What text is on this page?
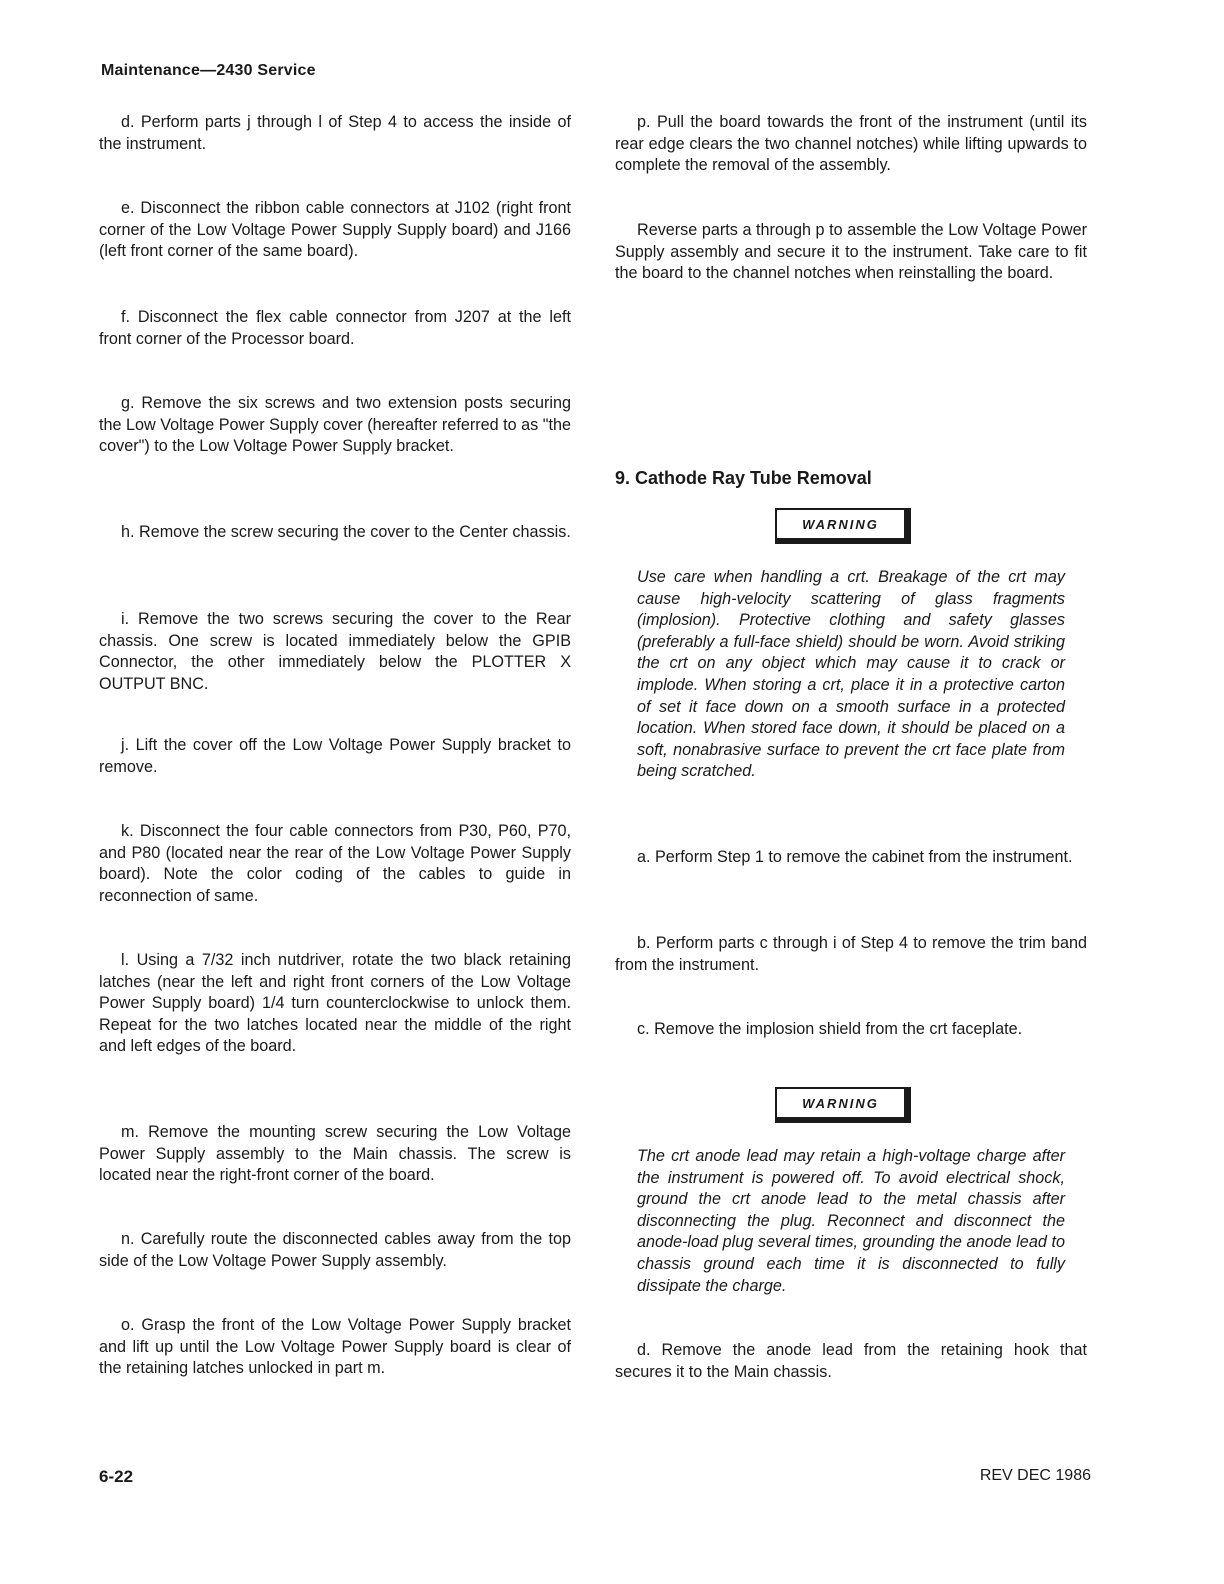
Maintenance—2430 Service

d. Perform parts j through l of Step 4 to access the inside of the instrument.

e. Disconnect the ribbon cable connectors at J102 (right front corner of the Low Voltage Power Supply Supply board) and J166 (left front corner of the same board).

f. Disconnect the flex cable connector from J207 at the left front corner of the Processor board.

g. Remove the six screws and two extension posts securing the Low Voltage Power Supply cover (hereafter referred to as "the cover") to the Low Voltage Power Supply bracket.

h. Remove the screw securing the cover to the Center chassis.

i. Remove the two screws securing the cover to the Rear chassis. One screw is located immediately below the GPIB Connector, the other immediately below the PLOTTER X OUTPUT BNC.

j. Lift the cover off the Low Voltage Power Supply bracket to remove.

k. Disconnect the four cable connectors from P30, P60, P70, and P80 (located near the rear of the Low Voltage Power Supply board). Note the color coding of the cables to guide in reconnection of same.

l. Using a 7/32 inch nutdriver, rotate the two black retaining latches (near the left and right front corners of the Low Voltage Power Supply board) 1/4 turn counterclockwise to unlock them. Repeat for the two latches located near the middle of the right and left edges of the board.

m. Remove the mounting screw securing the Low Voltage Power Supply assembly to the Main chassis. The screw is located near the right-front corner of the board.

n. Carefully route the disconnected cables away from the top side of the Low Voltage Power Supply assembly.

o. Grasp the front of the Low Voltage Power Supply bracket and lift up until the Low Voltage Power Supply board is clear of the retaining latches unlocked in part m.

p. Pull the board towards the front of the instrument (until its rear edge clears the two channel notches) while lifting upwards to complete the removal of the assembly.

Reverse parts a through p to assemble the Low Voltage Power Supply assembly and secure it to the instrument. Take care to fit the board to the channel notches when reinstalling the board.

9. Cathode Ray Tube Removal
WARNING

Use care when handling a crt. Breakage of the crt may cause high-velocity scattering of glass fragments (implosion). Protective clothing and safety glasses (preferably a full-face shield) should be worn. Avoid striking the crt on any object which may cause it to crack or implode. When storing a crt, place it in a protective carton of set it face down on a smooth surface in a protected location. When stored face down, it should be placed on a soft, nonabrasive surface to prevent the crt face plate from being scratched.

a. Perform Step 1 to remove the cabinet from the instrument.

b. Perform parts c through i of Step 4 to remove the trim band from the instrument.

c. Remove the implosion shield from the crt faceplate.

WARNING

The crt anode lead may retain a high-voltage charge after the instrument is powered off. To avoid electrical shock, ground the crt anode lead to the metal chassis after disconnecting the plug. Reconnect and disconnect the anode-load plug several times, grounding the anode lead to chassis ground each time it is disconnected to fully dissipate the charge.

d. Remove the anode lead from the retaining hook that secures it to the Main chassis.

6-22	REV DEC 1986
